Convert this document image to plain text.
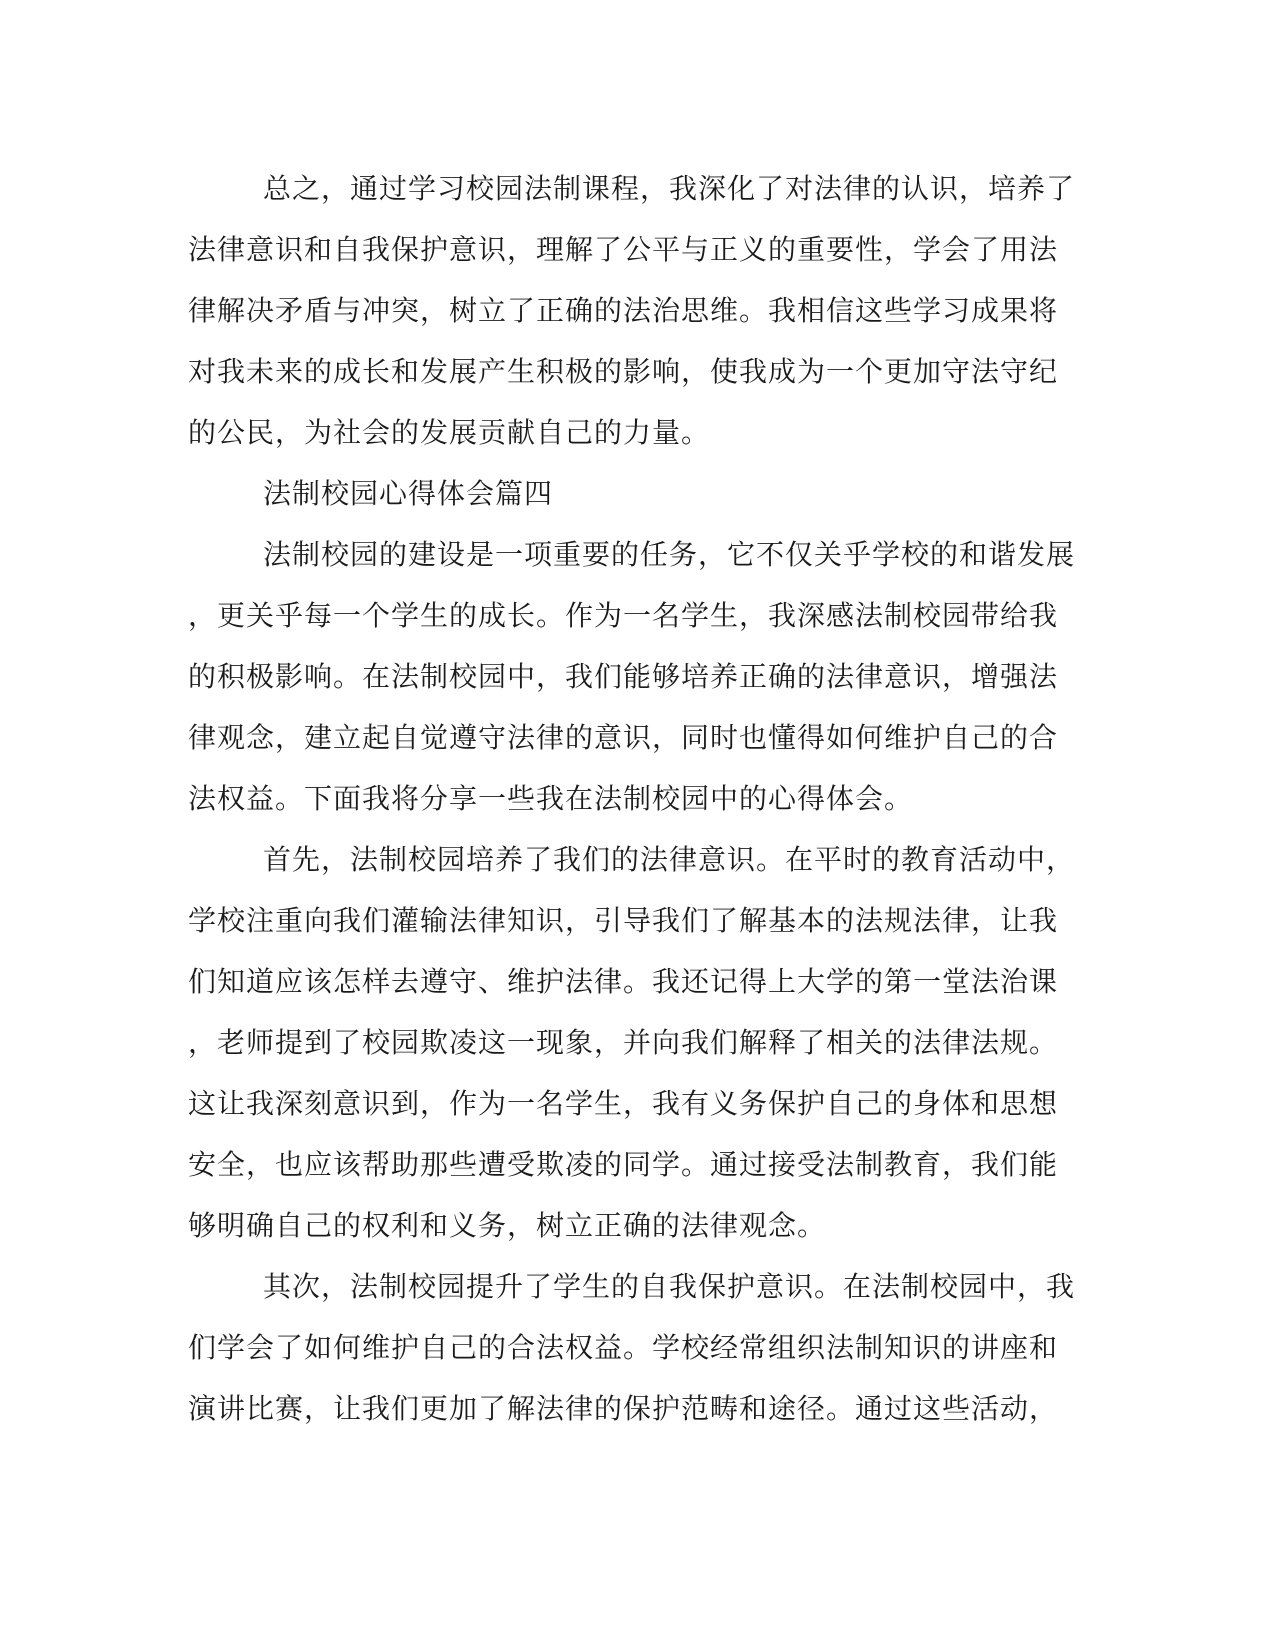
总之，通过学习校园法制课程，我深化了对法律的认识，培养了
法律意识和自我保护意识，理解了公平与正义的重要性，学会了用法
律解决矛盾与冲突，树立了正确的法治思维。我相信这些学习成果将
对我未来的成长和发展产生积极的影响，使我成为一个更加守法守纪
的公民，为社会的发展贡献自己的力量。
法制校园心得体会篇四
法制校园的建设是一项重要的任务，它不仅关乎学校的和谐发展
，更关乎每一个学生的成长。作为一名学生，我深感法制校园带给我
的积极影响。在法制校园中，我们能够培养正确的法律意识，增强法
律观念，建立起自觉遵守法律的意识，同时也懂得如何维护自己的合
法权益。下面我将分享一些我在法制校园中的心得体会。
首先，法制校园培养了我们的法律意识。在平时的教育活动中，
学校注重向我们灌输法律知识，引导我们了解基本的法规法律，让我
们知道应该怎样去遵守、维护法律。我还记得上大学的第一堂法治课
，老师提到了校园欺凌这一现象，并向我们解释了相关的法律法规。
这让我深刻意识到，作为一名学生，我有义务保护自己的身体和思想
安全，也应该帮助那些遭受欺凌的同学。通过接受法制教育，我们能
够明确自己的权利和义务，树立正确的法律观念。
其次，法制校园提升了学生的自我保护意识。在法制校园中，我
们学会了如何维护自己的合法权益。学校经常组织法制知识的讲座和
演讲比赛，让我们更加了解法律的保护范畴和途径。通过这些活动，
